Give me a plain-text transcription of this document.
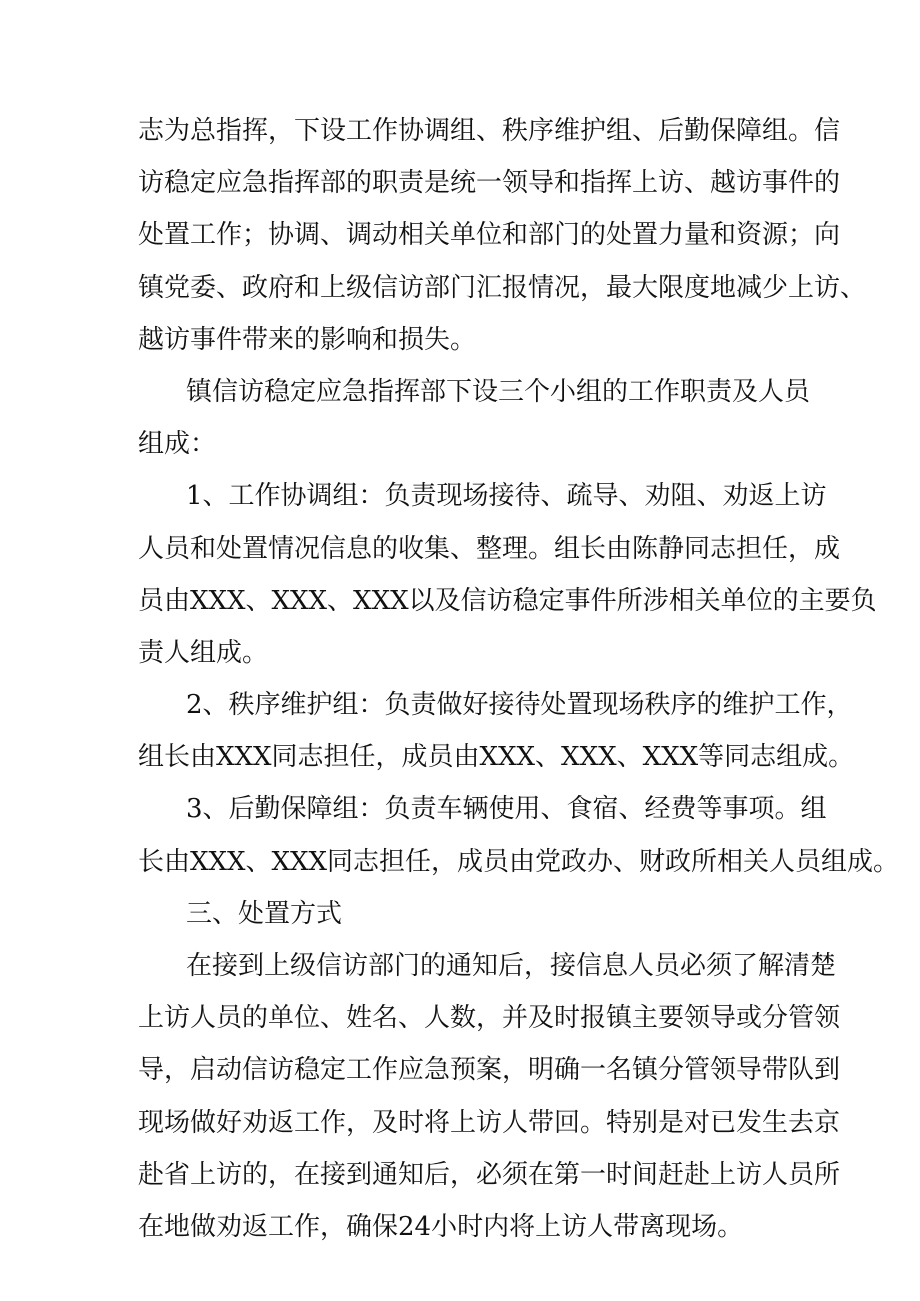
志为总指挥，下设工作协调组、秩序维护组、后勤保障组。信
访稳定应急指挥部的职责是统一领导和指挥上访、越访事件的
处置工作；协调、调动相关单位和部门的处置力量和资源；向
镇党委、政府和上级信访部门汇报情况，最大限度地减少上访、
越访事件带来的影响和损失。
镇信访稳定应急指挥部下设三个小组的工作职责及人员
组成：
1、工作协调组：负责现场接待、疏导、劝阻、劝返上访
人员和处置情况信息的收集、整理。组长由陈静同志担任，成
员由XXX、XXX、XXX以及信访稳定事件所涉相关单位的主要负
责人组成。
2、秩序维护组：负责做好接待处置现场秩序的维护工作，
组长由XXX同志担任，成员由XXX、XXX、XXX等同志组成。
3、后勤保障组：负责车辆使用、食宿、经费等事项。组
长由XXX、XXX同志担任，成员由党政办、财政所相关人员组成。
三、处置方式
在接到上级信访部门的通知后，接信息人员必须了解清楚
上访人员的单位、姓名、人数，并及时报镇主要领导或分管领
导，启动信访稳定工作应急预案，明确一名镇分管领导带队到
现场做好劝返工作，及时将上访人带回。特别是对已发生去京
赴省上访的，在接到通知后，必须在第一时间赶赴上访人员所
在地做劝返工作，确保24小时内将上访人带离现场。
